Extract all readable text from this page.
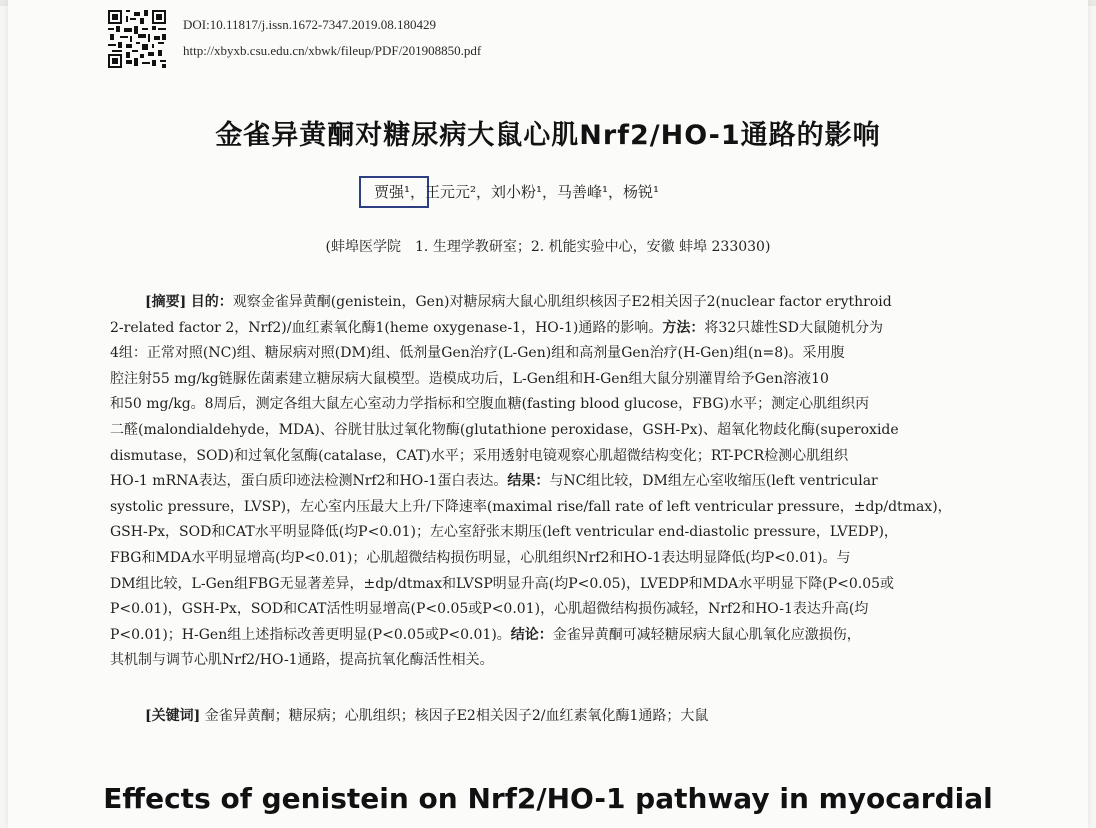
DOI:10.11817/j.issn.1672-7347.2019.08.180429
http://xbyxb.csu.edu.cn/xbwk/fileup/PDF/201908850.pdf
金雀异黄酮对糖尿病大鼠心肌Nrf2/HO-1通路的影响
贾强¹，王元元²，刘小粉¹，马善峰¹，杨锐¹
(蚌埠医学院　1. 生理学教研室；2. 机能实验中心，安徽 蚌埠 233030)
[摘要] 目的：观察金雀异黄酮(genistein，Gen)对糖尿病大鼠心肌组织核因子E2相关因子2(nuclear factor erythroid
2-related factor 2，Nrf2)/血红素氧化酶1(heme oxygenase-1，HO-1)通路的影响。方法：将32只雄性SD大鼠随机分为
4组：正常对照(NC)组、糖尿病对照(DM)组、低剂量Gen治疗(L-Gen)组和高剂量Gen治疗(H-Gen)组(n=8)。采用腹
腔注射55 mg/kg链脲佐菌素建立糖尿病大鼠模型。造模成功后，L-Gen组和H-Gen组大鼠分别灌胃给予Gen溶液10
和50 mg/kg。8周后，测定各组大鼠左心室动力学指标和空腹血糖(fasting blood glucose，FBG)水平；测定心肌组织丙
二醛(malondialdehyde，MDA)、谷胱甘肽过氧化物酶(glutathione peroxidase，GSH-Px)、超氧化物歧化酶(superoxide
dismutase，SOD)和过氧化氢酶(catalase，CAT)水平；采用透射电镜观察心肌超微结构变化；RT-PCR检测心肌组织
HO-1 mRNA表达，蛋白质印迹法检测Nrf2和HO-1蛋白表达。结果：与NC组比较，DM组左心室收缩压(left ventricular
systolic pressure，LVSP)，左心室内压最大上升/下降速率(maximal rise/fall rate of left ventricular pressure，±dp/dtmax)，
GSH-Px，SOD和CAT水平明显降低(均P<0.01)；左心室舒张末期压(left ventricular end-diastolic pressure，LVEDP)，
FBG和MDA水平明显增高(均P<0.01)；心肌超微结构损伤明显，心肌组织Nrf2和HO-1表达明显降低(均P<0.01)。与
DM组比较，L-Gen组FBG无显著差异，±dp/dtmax和LVSP明显升高(均P<0.05)，LVEDP和MDA水平明显下降(P<0.05或
P<0.01)，GSH-Px，SOD和CAT活性明显增高(P<0.05或P<0.01)，心肌超微结构损伤减轻，Nrf2和HO-1表达升高(均
P<0.01)；H-Gen组上述指标改善更明显(P<0.05或P<0.01)。结论：金雀异黄酮可减轻糖尿病大鼠心肌氧化应激损伤，
其机制与调节心肌Nrf2/HO-1通路，提高抗氧化酶活性相关。
[关键词] 金雀异黄酮；糖尿病；心肌组织；核因子E2相关因子2/血红素氧化酶1通路；大鼠
Effects of genistein on Nrf2/HO-1 pathway in myocardial
